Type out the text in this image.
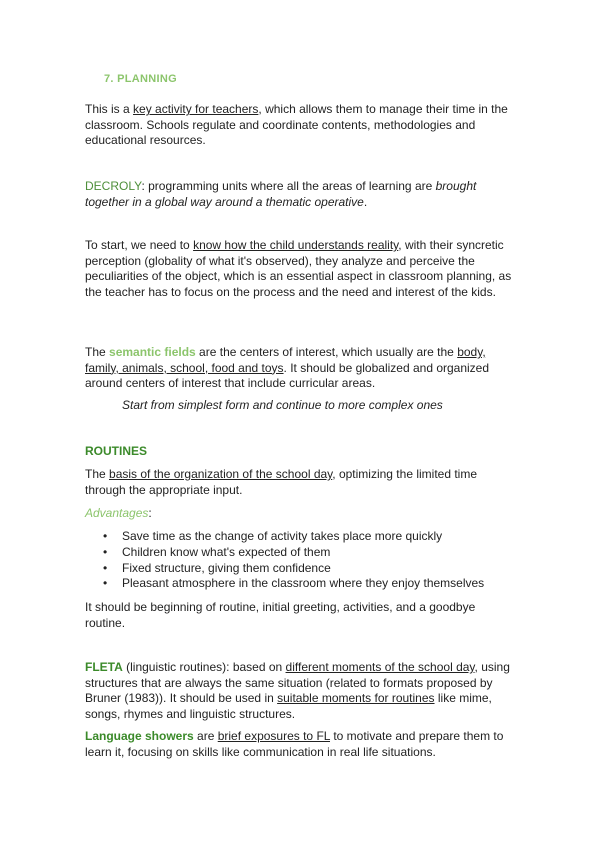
7. PLANNING
This is a key activity for teachers, which allows them to manage their time in the classroom. Schools regulate and coordinate contents, methodologies and educational resources.
DECROLY: programming units where all the areas of learning are brought together in a global way around a thematic operative.
To start, we need to know how the child understands reality, with their syncretic perception (globality of what it's observed), they analyze and perceive the peculiarities of the object, which is an essential aspect in classroom planning, as the teacher has to focus on the process and the need and interest of the kids.
The semantic fields are the centers of interest, which usually are the body, family, animals, school, food and toys. It should be globalized and organized around centers of interest that include curricular areas.
Start from simplest form and continue to more complex ones
ROUTINES
The basis of the organization of the school day, optimizing the limited time through the appropriate input.
Advantages:
• Save time as the change of activity takes place more quickly
• Children know what's expected of them
• Fixed structure, giving them confidence
• Pleasant atmosphere in the classroom where they enjoy themselves
It should be beginning of routine, initial greeting, activities, and a goodbye routine.
FLETA (linguistic routines): based on different moments of the school day, using structures that are always the same situation (related to formats proposed by Bruner (1983)). It should be used in suitable moments for routines like mime, songs, rhymes and linguistic structures.
Language showers are brief exposures to FL to motivate and prepare them to learn it, focusing on skills like communication in real life situations.
